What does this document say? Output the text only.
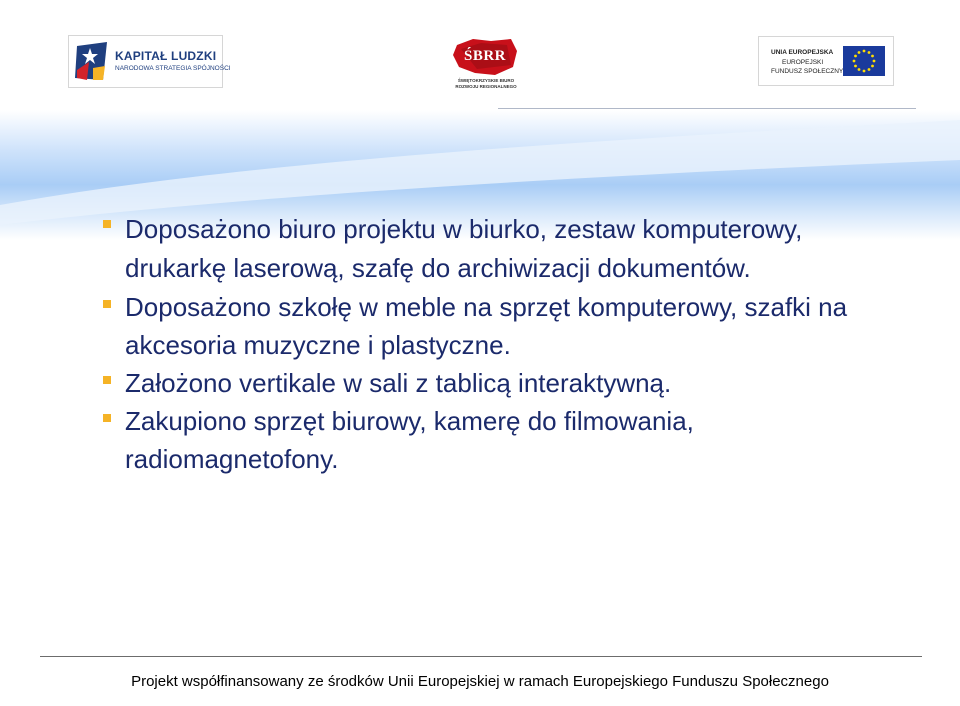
KAPITAŁ LUDZKI
NARODOWA STRATEGIA SPÓJNOŚCI
ŚBRR
ŚWIĘTOKRZYSKIE BIURO
ROZWOJU REGIONALNEGO
UNIA EUROPEJSKA
EUROPEJSKI
FUNDUSZ SPOŁECZNY
Doposażono biuro projektu w biurko, zestaw komputerowy, drukarkę laserową, szafę do archiwizacji dokumentów.
Doposażono szkołę w meble na sprzęt komputerowy, szafki na akcesoria muzyczne i plastyczne.
Założono vertikale w sali z tablicą interaktywną.
Zakupiono sprzęt biurowy, kamerę do filmowania, radiomagnetofony.
Projekt współfinansowany ze środków Unii Europejskiej w ramach Europejskiego Funduszu Społecznego
